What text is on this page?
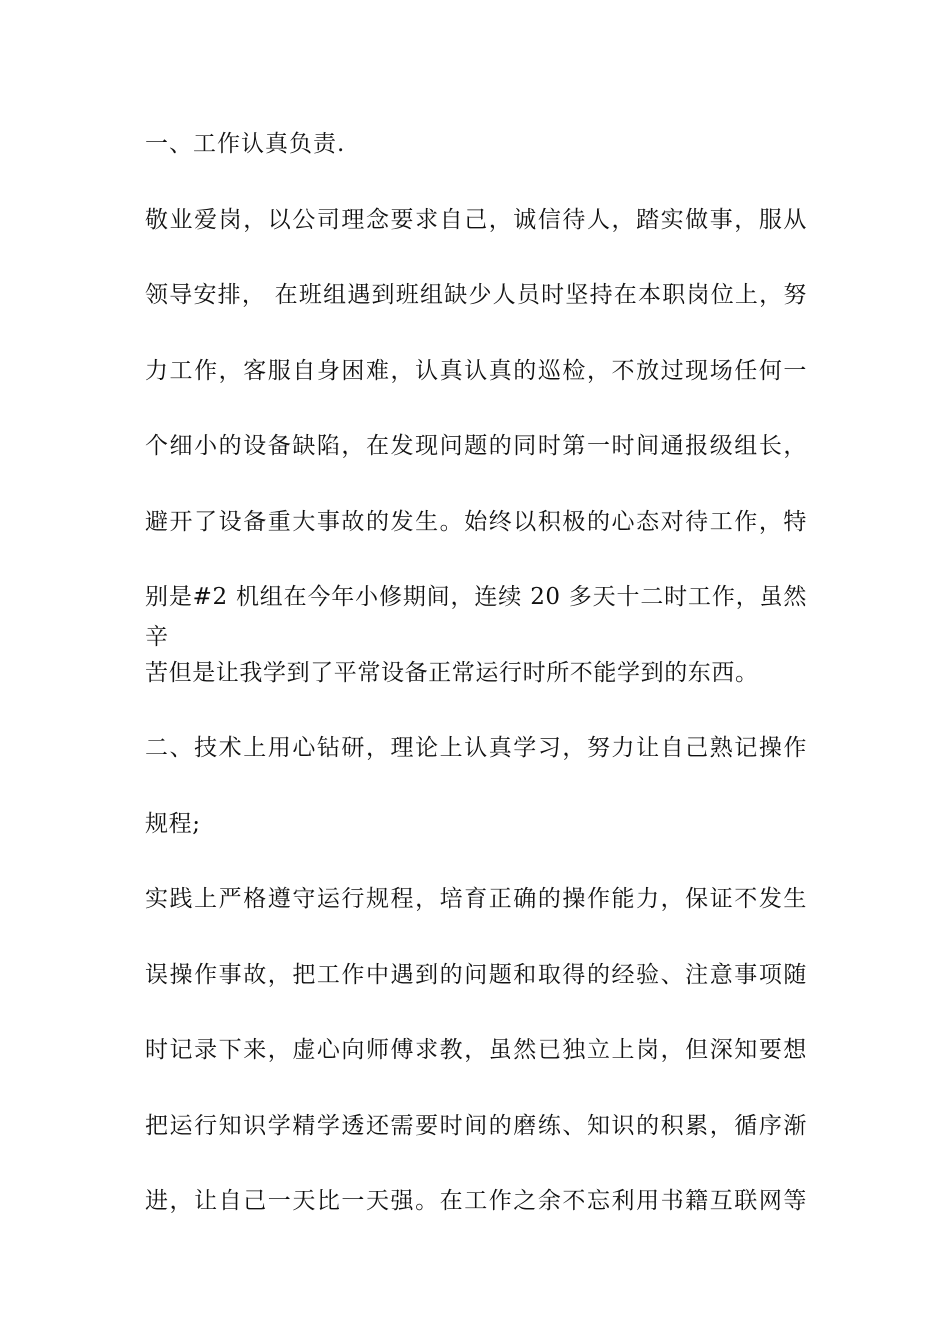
一、工作认真负责.
敬业爱岗，以公司理念要求自己，诚信待人，踏实做事，服从
领导安排， 在班组遇到班组缺少人员时坚持在本职岗位上，努
力工作，客服自身困难，认真认真的巡检，不放过现场任何一
个细小的设备缺陷，在发现问题的同时第一时间通报级组长，
避开了设备重大事故的发生。始终以积极的心态对待工作，特
别是#2 机组在今年小修期间，连续 20 多天十二时工作，虽然辛
苦但是让我学到了平常设备正常运行时所不能学到的东西。
二、技术上用心钻研，理论上认真学习，努力让自己熟记操作
规程;
实践上严格遵守运行规程，培育正确的操作能力，保证不发生
误操作事故，把工作中遇到的问题和取得的经验、注意事项随
时记录下来，虚心向师傅求教，虽然已独立上岗，但深知要想
把运行知识学精学透还需要时间的磨练、知识的积累，循序渐
进，让自己一天比一天强。在工作之余不忘利用书籍互联网等
